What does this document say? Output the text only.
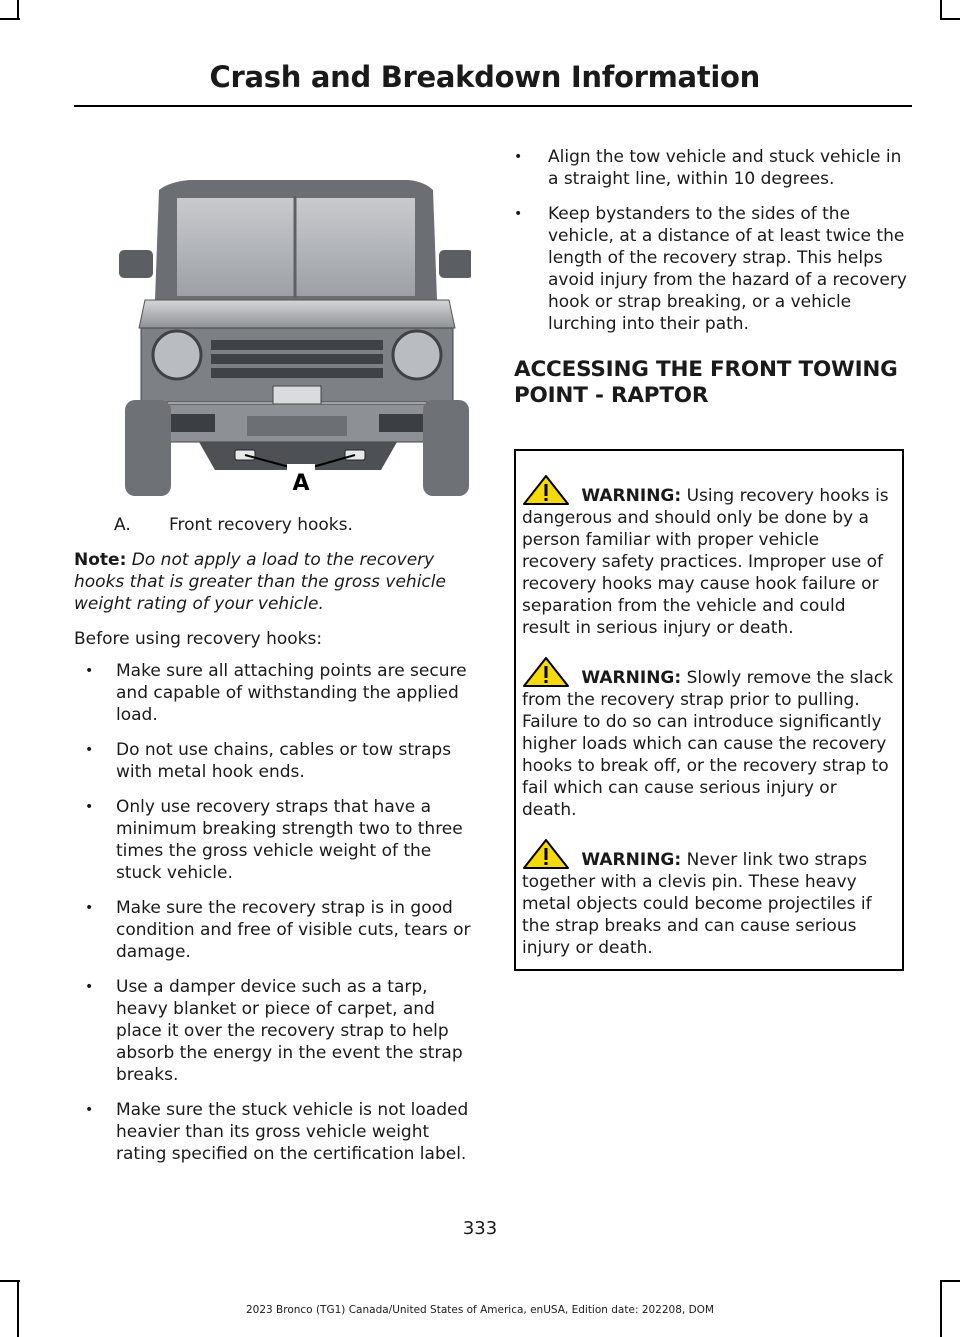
Crash and Breakdown Information
A
A.	Front recovery hooks.

Note: Do not apply a load to the recovery hooks that is greater than the gross vehicle weight rating of your vehicle.

Before using recovery hooks:

• Make sure all attaching points are secure and capable of withstanding the applied load.
• Do not use chains, cables or tow straps with metal hook ends.
• Only use recovery straps that have a minimum breaking strength two to three times the gross vehicle weight of the stuck vehicle.
• Make sure the recovery strap is in good condition and free of visible cuts, tears or damage.
• Use a damper device such as a tarp, heavy blanket or piece of carpet, and place it over the recovery strap to help absorb the energy in the event the strap breaks.
• Make sure the stuck vehicle is not loaded heavier than its gross vehicle weight rating specified on the certification label.
• Align the tow vehicle and stuck vehicle in a straight line, within 10 degrees.
• Keep bystanders to the sides of the vehicle, at a distance of at least twice the length of the recovery strap. This helps avoid injury from the hazard of a recovery hook or strap breaking, or a vehicle lurching into their path.
ACCESSING THE FRONT TOWING POINT - RAPTOR

WARNING: Using recovery hooks is dangerous and should only be done by a person familiar with proper vehicle recovery safety practices. Improper use of recovery hooks may cause hook failure or separation from the vehicle and could result in serious injury or death.

WARNING: Slowly remove the slack from the recovery strap prior to pulling. Failure to do so can introduce significantly higher loads which can cause the recovery hooks to break off, or the recovery strap to fail which can cause serious injury or death.

WARNING: Never link two straps together with a clevis pin. These heavy metal objects could become projectiles if the strap breaks and can cause serious injury or death.

333
2023 Bronco (TG1) Canada/United States of America, enUSA, Edition date: 202208, DOM
